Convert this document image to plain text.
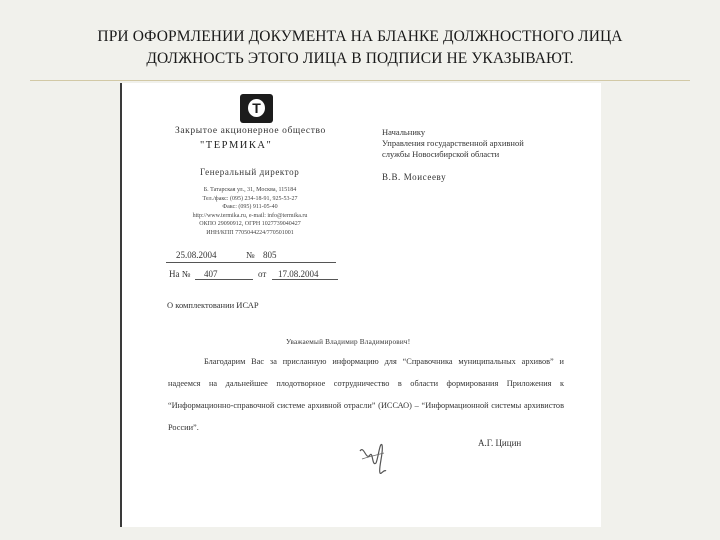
ПРИ ОФОРМЛЕНИИ ДОКУМЕНТА НА БЛАНКЕ ДОЛЖНОСТНОГО ЛИЦА
ДОЛЖНОСТЬ ЭТОГО ЛИЦА В ПОДПИСИ НЕ УКАЗЫВАЮТ.
Т
Закрытое акционерное общество
"ТЕРМИКА"
Генеральный директор
Б. Татарская ул., 31, Москва, 115184
Тел./факс: (095) 234-18-91, 925-53-27
Факс: (095) 911-05-40
http://www.termika.ru, e-mail: info@termika.ru
ОКПО 29090912, ОГРН 1027739040427
ИНН/КПП 7705044224/770501001
25.08.2004	№ 805
На №	407	от	17.08.2004
Начальнику
Управления государственной архивной
службы Новосибирской области
В.В. Моисееву
О комплектовании ИСАР
Уважаемый Владимир Владимирович!
Благодарим Вас за присланную информацию для “Справочника муниципальных архивов” и надеемся на дальнейшее плодотворное сотрудничество в области формирования Приложения к “Информационно-справочной системе архивной отрасли” (ИССАО) – “Информационной системы архивистов России”.
А.Г. Цицин
